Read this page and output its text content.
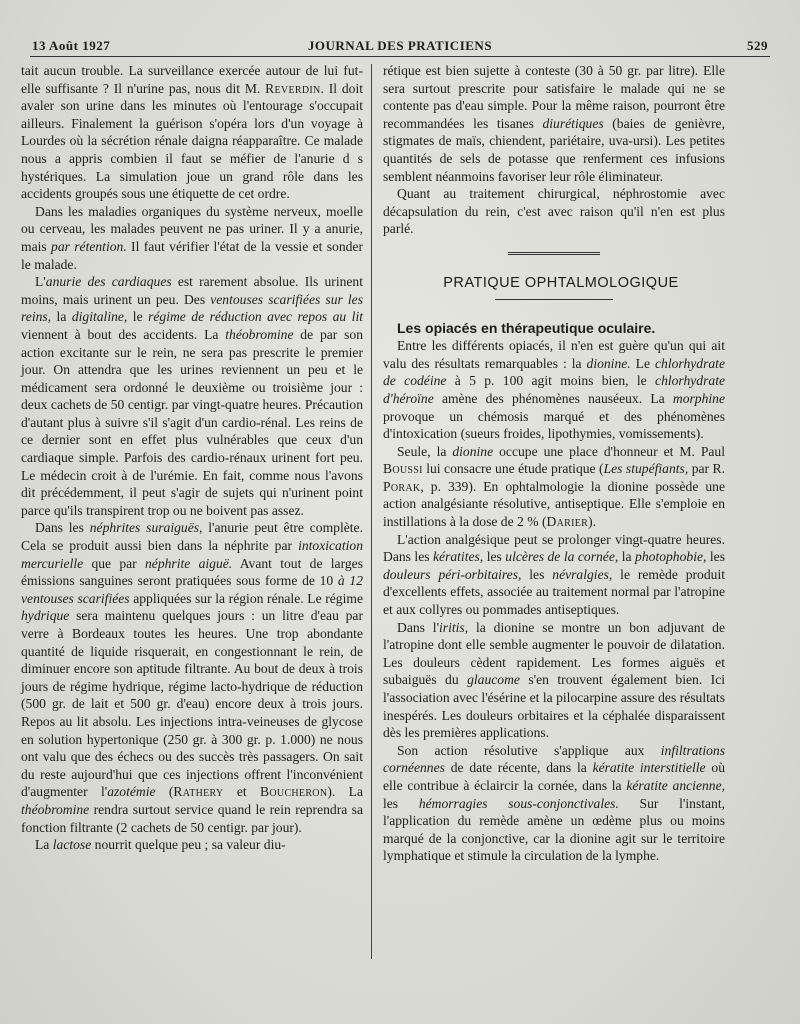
13 Août 1927	JOURNAL DES PRATICIENS	529

tait aucun trouble. La surveillance exercée autour de lui fut-elle suffisante ? Il n'urine pas, nous dit M. Reverdin. Il doit avaler son urine dans les minutes où l'entourage s'occupait ailleurs. Finalement la guérison s'opéra lors d'un voyage à Lourdes où la sécrétion rénale daigna réapparaître. Ce malade nous a appris combien il faut se méfier de l'anurie d s hystériques. La simulation joue un grand rôle dans les accidents groupés sous une étiquette de cet ordre.

Dans les maladies organiques du système nerveux, moelle ou cerveau, les malades peuvent ne pas uriner. Il y a anurie, mais par rétention. Il faut vérifier l'état de la vessie et sonder le malade.

L'anurie des cardiaques est rarement absolue. Ils urinent moins, mais urinent un peu. Des ventouses scarifiées sur les reins, la digitaline, le régime de réduction avec repos au lit viennent à bout des accidents. La théobromine de par son action excitante sur le rein, ne sera pas prescrite le premier jour. On attendra que les urines reviennent un peu et le médicament sera ordonné le deuxième ou troisième jour : deux cachets de 50 centigr. par vingt-quatre heures. Précaution d'autant plus à suivre s'il s'agit d'un cardio-rénal. Les reins de ce dernier sont en effet plus vulnérables que ceux d'un cardiaque simple. Parfois des cardio-rénaux urinent fort peu. Le médecin croit à de l'urémie. En fait, comme nous l'avons dit précédemment, il peut s'agir de sujets qui n'urinent point parce qu'ils transpirent trop ou ne boivent pas assez.

Dans les néphrites suraiguës, l'anurie peut être complète. Cela se produit aussi bien dans la néphrite par intoxication mercurielle que par néphrite aiguë. Avant tout de larges émissions sanguines seront pratiquées sous forme de 10 à 12 ventouses scarifiées appliquées sur la région rénale. Le régime hydrique sera maintenu quelques jours : un litre d'eau par verre à Bordeaux toutes les heures. Une trop abondante quantité de liquide risquerait, en congestionnant le rein, de diminuer encore son aptitude filtrante. Au bout de deux à trois jours de régime hydrique, régime lacto-hydrique de réduction (500 gr. de lait et 500 gr. d'eau) encore deux à trois jours. Repos au lit absolu. Les injections intra-veineuses de glycose en solution hypertonique (250 gr. à 300 gr. p. 1.000) ne nous ont valu que des échecs ou des succès très passagers. On sait du reste aujourd'hui que ces injections offrent l'inconvénient d'augmenter l'azotémie (Rathery et Boucheron). La théobromine rendra surtout service quand le rein reprendra sa fonction filtrante (2 cachets de 50 centigr. par jour).

La lactose nourrit quelque peu ; sa valeur diu-

rétique est bien sujette à conteste (30 à 50 gr. par litre). Elle sera surtout prescrite pour satisfaire le malade qui ne se contente pas d'eau simple. Pour la même raison, pourront être recommandées les tisanes diurétiques (baies de genièvre, stigmates de maïs, chiendent, pariétaire, uva-ursi). Les petites quantités de sels de potasse que renferment ces infusions semblent néanmoins favoriser leur rôle éliminateur.

Quant au traitement chirurgical, néphrostomie avec décapsulation du rein, c'est avec raison qu'il n'en est plus parlé.

PRATIQUE OPHTALMOLOGIQUE

Les opiacés en thérapeutique oculaire.

Entre les différents opiacés, il n'en est guère qu'un qui ait valu des résultats remarquables : la dionine. Le chlorhydrate de codéine à 5 p. 100 agit moins bien, le chlorhydrate d'héroïne amène des phénomènes nauséeux. La morphine provoque un chémosis marqué et des phénomènes d'intoxication (sueurs froides, lipothymies, vomissements).

Seule, la dionine occupe une place d'honneur et M. Paul Boussi lui consacre une étude pratique (Les stupéfiants, par R. Porak, p. 339). En ophtalmologie la dionine possède une action analgésiante résolutive, antiseptique. Elle s'emploie en instillations à la dose de 2 % (Darier).

L'action analgésique peut se prolonger vingt-quatre heures. Dans les kératites, les ulcères de la cornée, la photophobie, les douleurs péri-orbitaires, les névralgies, le remède produit d'excellents effets, associée au traitement normal par l'atropine et aux collyres ou pommades antiseptiques.

Dans l'iritis, la dionine se montre un bon adjuvant de l'atropine dont elle semble augmenter le pouvoir de dilatation. Les douleurs cèdent rapidement. Les formes aiguës et subaiguës du glaucome s'en trouvent également bien. Ici l'association avec l'ésérine et la pilocarpine assure des résultats inespérés. Les douleurs orbitaires et la céphalée disparaissent dès les premières applications.

Son action résolutive s'applique aux infiltrations cornéennes de date récente, dans la kératite interstitielle où elle contribue à éclaircir la cornée, dans la kératite ancienne, les hémorragies sous-conjonctivales. Sur l'instant, l'application du remède amène un œdème plus ou moins marqué de la conjonctive, car la dionine agit sur le territoire lymphatique et stimule la circulation de la lymphe.
